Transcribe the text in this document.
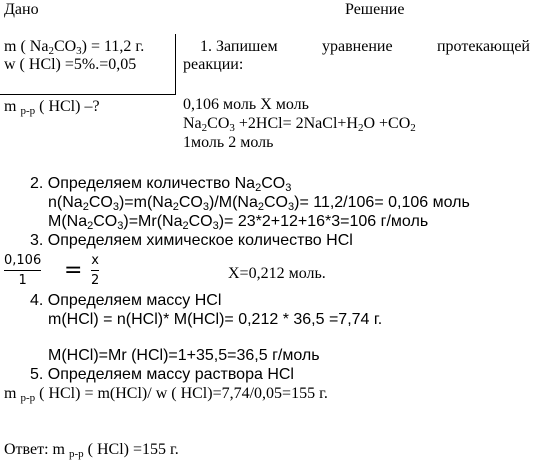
Дано	Решение
m ( $Na_2CO_3) = 11,2$ г.
w ( HCl) =5%.=0,05
m $_{р-р}$ ( HCl) –?
1. Запишем	уравнение	протекающей
реакции:
0,106 моль X моль
$Na_2CO_3 +2HCl=$ $2NaCl+H_2O +CO_2$
1моль 2 моль
2. Определяем количество $Na_2CO_3$
$n(Na_2CO_3)=m(Na_2CO_3)/M(Na_2CO_3)= 11,2/106= 0,106$ моль
$M(Na_2CO_3)=Mr(Na_2CO_3)= 23*2+12+16*3=106$ г/моль
3. Определяем химическое количество HCl
0,106
1 = x
2	X=0,212 моль.
4. Определяем массу HCl
m(HCl) = n(HCl)* M(HCl)= 0,212 * 36,5 =7,74 г.
M(HCl)=Mr (HCl)=1+35,5=36,5 г/моль
5. Определяем массу раствора HCl
m $_{р-р}$ ( HCl) = m(HCl)/ w ( HCl)=7,74/0,05=155 г.
Ответ: m $_{р-р}$ ( HCl) =155 г.
